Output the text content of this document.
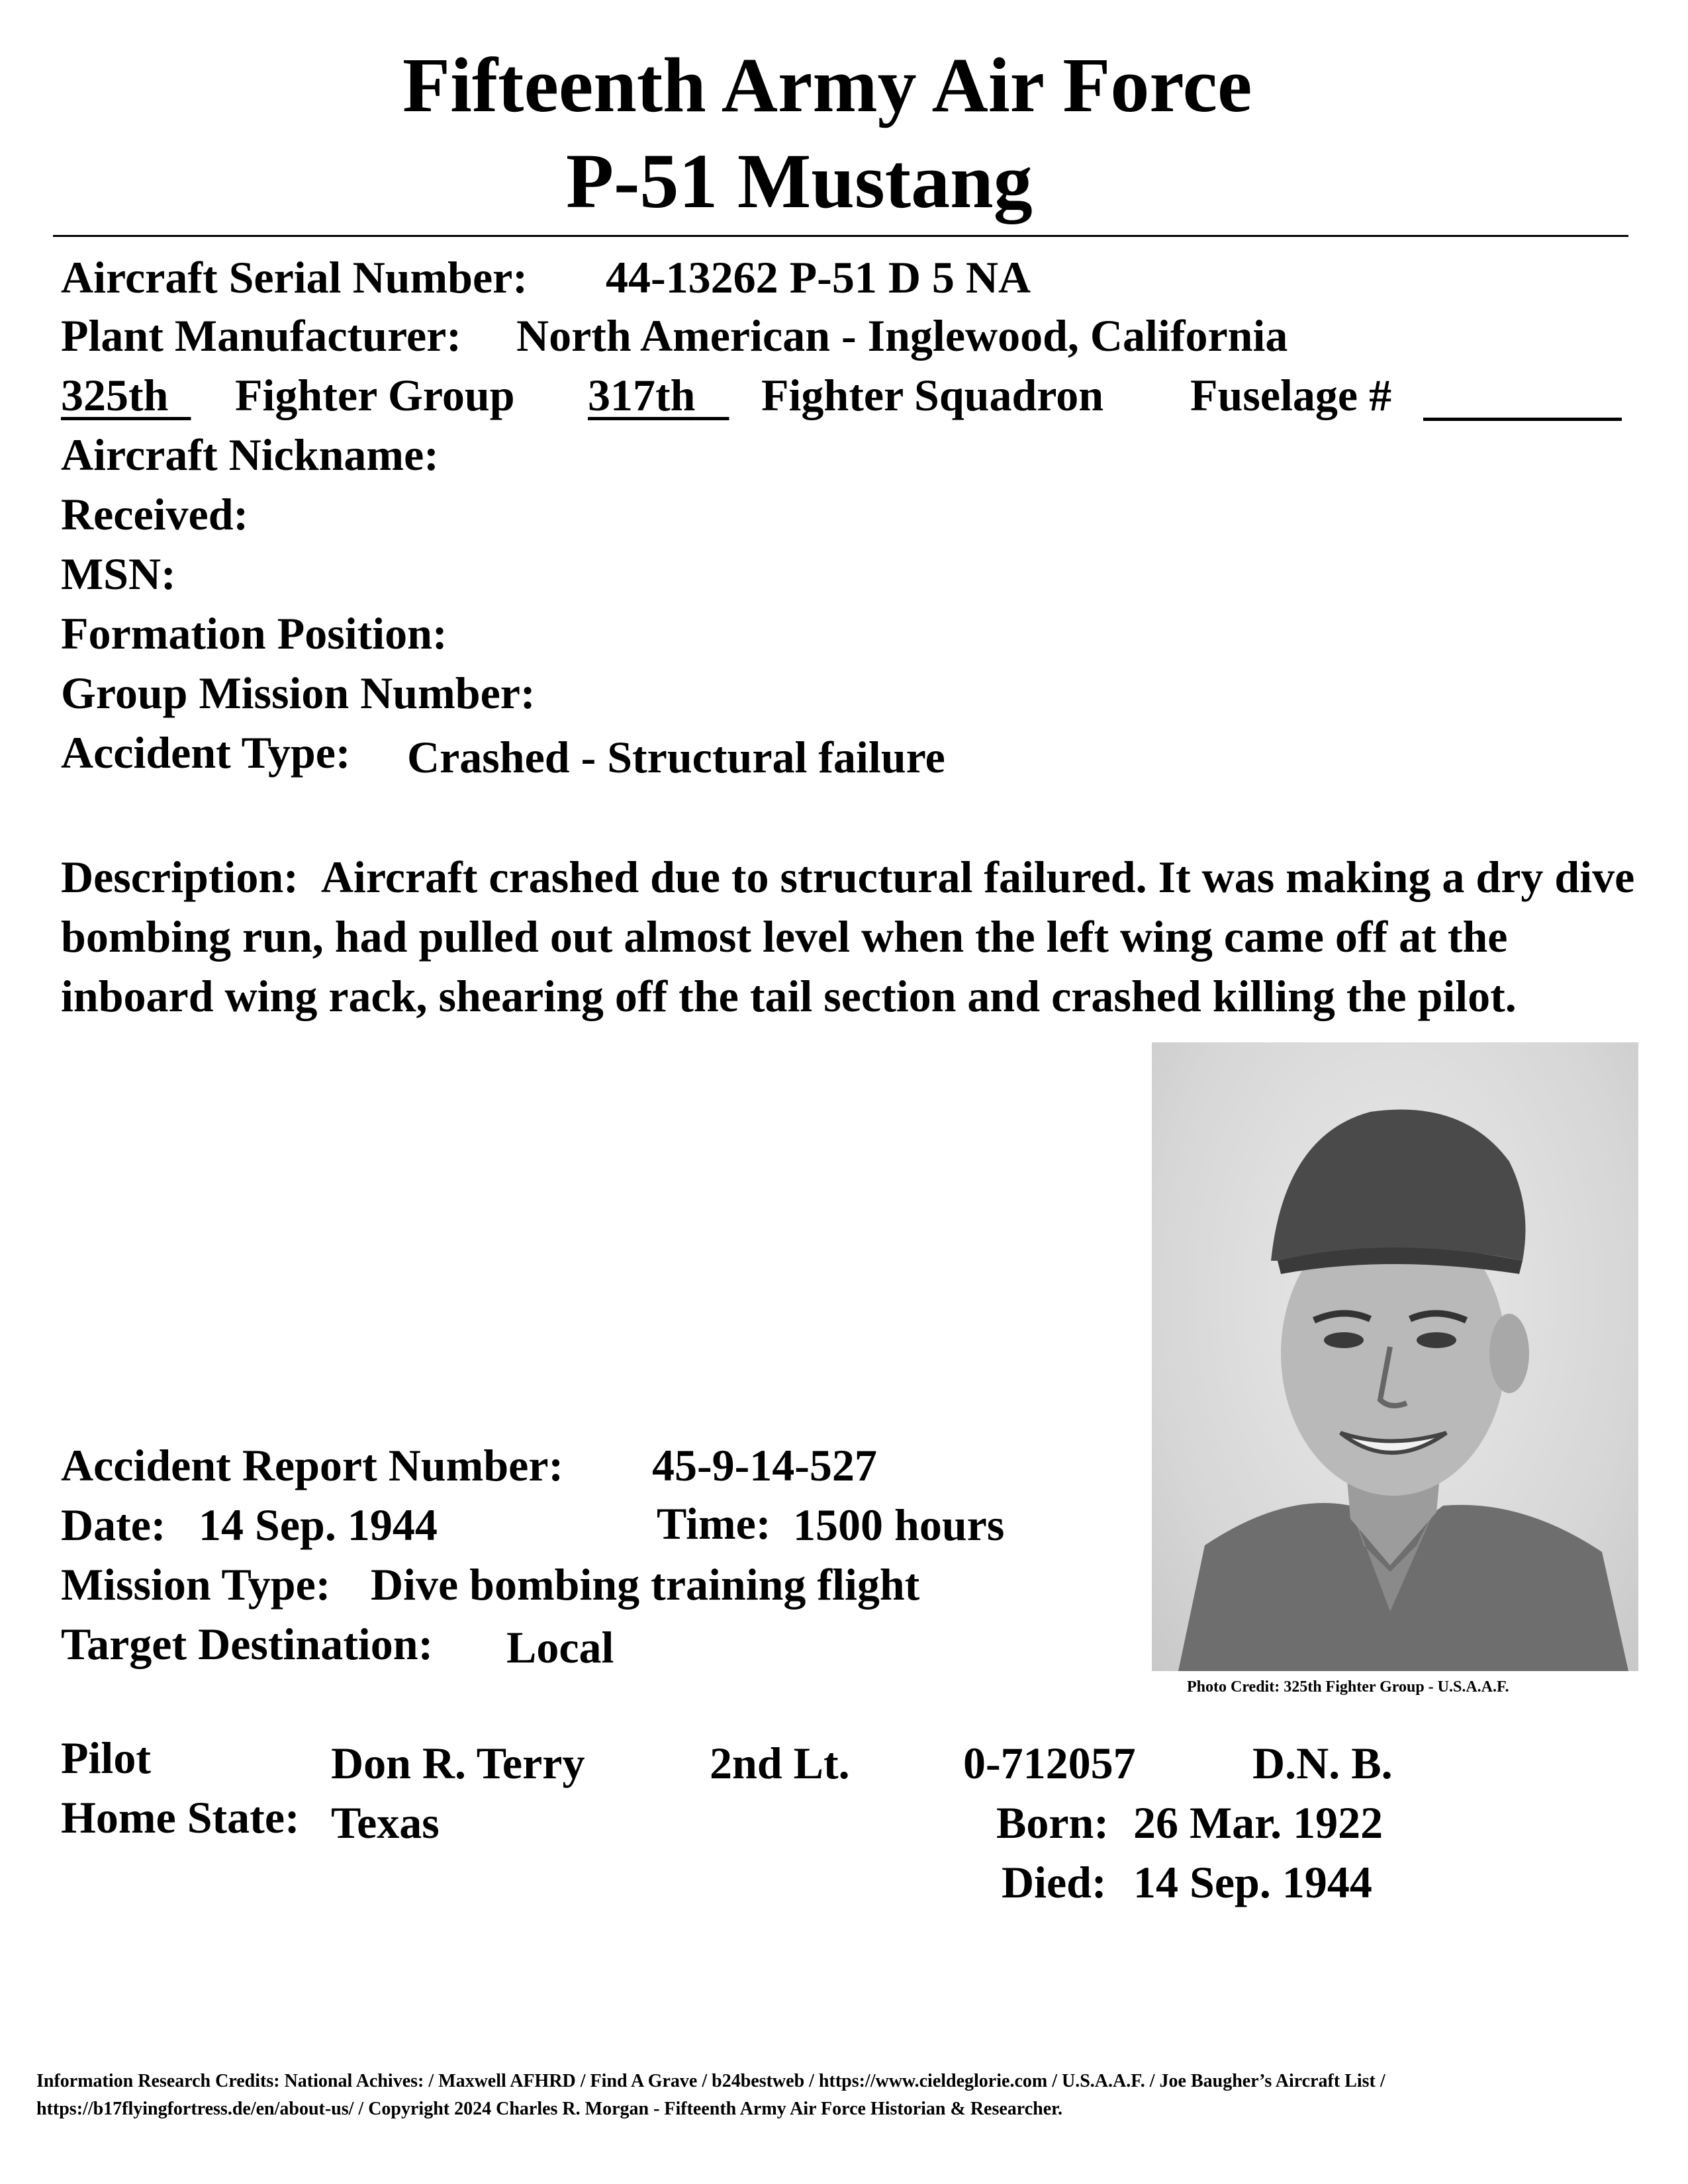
Fifteenth Army Air Force
P-51 Mustang
Aircraft Serial Number: 44-13262 P-51 D 5 NA
Plant Manufacturer: North American - Inglewood, California
325th	Fighter Group 317th	Fighter Squadron Fuselage #
Aircraft Nickname:
Received:
MSN:
Formation Position:
Group Mission Number:
Accident Type: Crashed - Structural failure
Description: Aircraft crashed due to structural failured. It was making a dry dive bombing run, had pulled out almost level when the left wing came off at the inboard wing rack, shearing off the tail section and crashed killing the pilot.
Photo Credit: 325th Fighter Group - U.S.A.A.F.
Accident Report Number: 45-9-14-527
Date: 14 Sep. 1944	Time: 1500 hours
Mission Type: Dive bombing training flight
Target Destination: Local
Pilot	Don R. Terry	2nd Lt.	0-712057	D.N. B.
Home State: Texas	Born: 26 Mar. 1922
Died: 14 Sep. 1944
Information Research Credits: National Achives: / Maxwell AFHRD / Find A Grave / b24bestweb / https://www.cieldeglorie.com / U.S.A.A.F. / Joe Baugher’s Aircraft List /
https://b17flyingfortress.de/en/about-us/ / Copyright 2024 Charles R. Morgan - Fifteenth Army Air Force Historian & Researcher.
